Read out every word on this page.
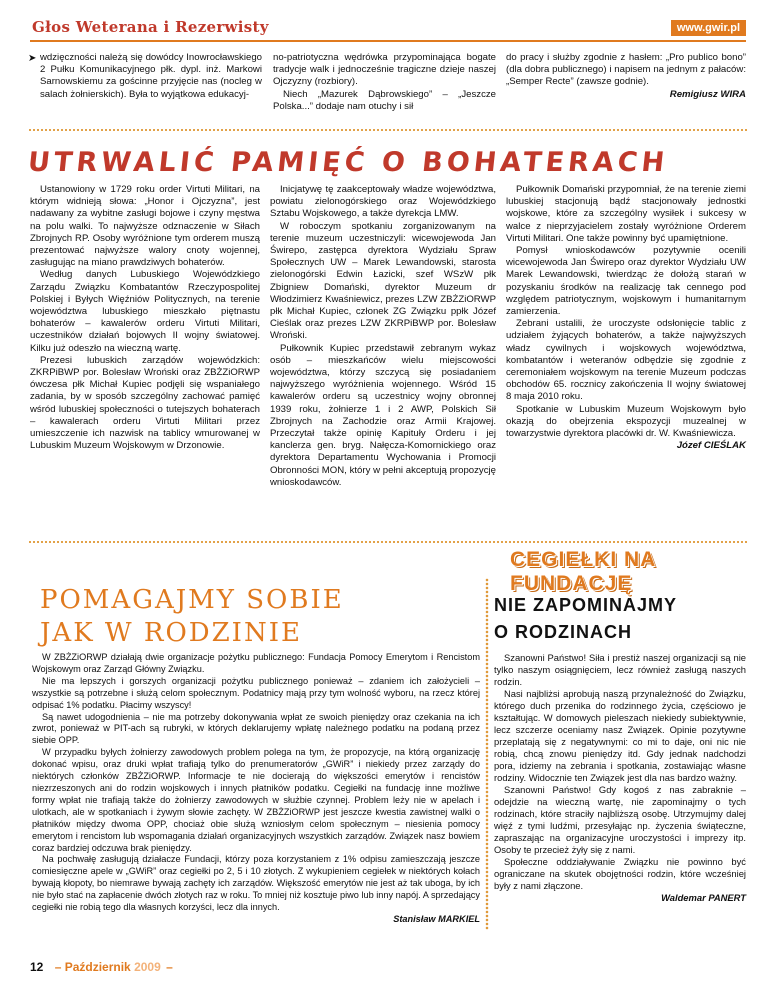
Głos Weterana i Rezerwisty	www.gwir.pl
➤ wdzięczności należą się dowódcy Inowrocławskiego 2 Pułku Komunikacyjnego płk. dypl. inż. Markowi Sarnowskiemu za gościnne przyjęcie nas (nocleg w salach żołnierskich). Była to wyjątkowa edukacyj-

no-patriotyczna wędrówka przypominająca bogate tradycje walk i jednocześnie tragiczne dzieje naszej Ojczyzny (rozbiory).

Niech „Mazurek Dąbrowskiego” – „Jeszcze Polska...” dodaje nam otuchy i sił

do pracy i służby zgodnie z hasłem: „Pro publico bono” (dla dobra publicznego) i napisem na jednym z pałaców: „Semper Recte” (zawsze godnie).

Remigiusz WIRA

UTRWALIĆ PAMIĘĆ O BOHATERACH

Ustanowiony w 1729 roku order Virtuti Militari, na którym widnieją słowa: „Honor i Ojczyzna”, jest nadawany za wybitne zasługi bojowe i czyny męstwa na polu walki. To najwyższe odznaczenie w Siłach Zbrojnych RP. Osoby wyróżnione tym orderem muszą prezentować najwyższe walory cnoty wojennej, zasługując na miano prawdziwych bohaterów.

Według danych Lubuskiego Wojewódzkiego Zarządu Związku Kombatantów Rzeczypospolitej Polskiej i Byłych Więźniów Politycznych, na terenie województwa lubuskiego mieszkało piętnastu bohaterów – kawalerów orderu Virtuti Militari, uczestników działań bojowych II wojny światowej. Kilku już odeszło na wieczną wartę.

Prezesi lubuskich zarządów wojewódzkich: ZKRPiBWP por. Bolesław Wroński oraz ZBŻZiORWP ówczesa płk Michał Kupiec podjęli się wspaniałego zadania, by w sposób szczególny zachować pamięć wśród lubuskiej społeczności o tutejszych bohaterach – kawalerach orderu Virtuti Militari przez umieszczenie ich nazwisk na tablicy wmurowanej w Lubuskim Muzeum Wojskowym w Drzonowie.

Inicjatywę tę zaakceptowały władze województwa, powiatu zielonogórskiego oraz Wojewódzkiego Sztabu Wojskowego, a także dyrekcja LMW.

W roboczym spotkaniu zorganizowanym na terenie muzeum uczestniczyli: wicewojewoda Jan Świrepo, zastępca dyrektora Wydziału Spraw Społecznych UW – Marek Lewandowski, starosta zielonogórski Edwin Łazicki, szef WSzW płk Zbigniew Domański, dyrektor Muzeum dr Włodzimierz Kwaśniewicz, prezes LZW ZBŻZiORWP płk Michał Kupiec, członek ZG Związku ppłk Józef Cieślak oraz prezes LZW ZKRPiBWP por. Bolesław Wroński.

Pułkownik Kupiec przedstawił zebranym wykaz osób – mieszkańców wielu miejscowości województwa, którzy szczycą się posiadaniem najwyższego wyróżnienia wojennego. Wśród 15 kawalerów orderu są uczestnicy wojny obronnej 1939 roku, żołnierze 1 i 2 AWP, Polskich Sił Zbrojnych na Zachodzie oraz Armii Krajowej. Przeczytał także opinię Kapituły Orderu i jej kanclerza gen. bryg. Nałęcza-Komornickiego oraz dyrektora Departamentu Wychowania i Promocji Obronności MON, który w pełni akceptują propozycję wnioskodawców.

Pułkownik Domański przypomniał, że na terenie ziemi lubuskiej stacjonują bądź stacjonowały jednostki wojskowe, które za szczególny wysiłek i sukcesy w walce z nieprzyjacielem zostały wyróżnione Orderem Virtuti Militari. One także powinny być upamiętnione.

Pomysł wnioskodawców pozytywnie ocenili wicewojewoda Jan Świrepo oraz dyrektor Wydziału UW Marek Lewandowski, twierdząc że dołożą starań w pozyskaniu środków na realizację tak cennego pod względem patriotycznym, wojskowym i humanitarnym zamierzenia.

Zebrani ustalili, że uroczyste odsłonięcie tablic z udziałem żyjących bohaterów, a także najwyższych władz cywilnych i wojskowych województwa, kombatantów i weteranów odbędzie się zgodnie z ceremoniałem wojskowym na terenie Muzeum podczas obchodów 65. rocznicy zakończenia II wojny światowej 8 maja 2010 roku.

Spotkanie w Lubuskim Muzeum Wojskowym było okazją do obejrzenia ekspozycji muzealnej w towarzystwie dyrektora placówki dr. W. Kwaśniewicza.

Józef CIEŚLAK

CEGIEŁKI NA FUNDACJĘ
POMAGAJMY SOBIE
JAK W RODZINIE

W ZBŻZiORWP działają dwie organizacje pożytku publicznego: Fundacja Pomocy Emerytom i Rencistom Wojskowym oraz Zarząd Główny Związku.

Nie ma lepszych i gorszych organizacji pożytku publicznego ponieważ – zdaniem ich założycieli – wszystkie są potrzebne i służą celom społecznym. Podatnicy mają przy tym wolność wyboru, na rzecz której odpisać 1% podatku. Płacimy wszyscy!

Są nawet udogodnienia – nie ma potrzeby dokonywania wpłat ze swoich pieniędzy oraz czekania na ich zwrot, ponieważ w PIT-ach są rubryki, w których deklarujemy wpłatę należnego podatku na podaną przez siebie OPP.

W przypadku byłych żołnierzy zawodowych problem polega na tym, że propozycje, na którą organizację dokonać wpisu, oraz druki wpłat trafiają tylko do prenumeratorów „GWiR” i niekiedy przez zarządy do niektórych członków ZBŻZiORWP. Informacje te nie docierają do większości emerytów i rencistów niezrzeszonych ani do rodzin wojskowych i innych płatników podatku. Cegiełki na fundację inne możliwe formy wpłat nie trafiają także do żołnierzy zawodowych w służbie czynnej. Problem leży nie w apelach i ulotkach, ale w spotkaniach i żywym słowie zachęty. W ZBŻZiORWP jest jeszcze kwestia zawistnej walki o płatników między dwoma OPP, chociaż obie służą wzniosłym celom społecznym – niesienia pomocy emerytom i rencistom lub wspomagania działań organizacyjnych wszystkich zarządów. Związek nasz bowiem coraz bardziej odczuwa brak pieniędzy.

Na pochwałę zasługują działacze Fundacji, którzy poza korzystaniem z 1% odpisu zamieszczają jeszcze comiesięczne apele w „GWiR” oraz cegiełki po 2, 5 i 10 złotych. Z wykupieniem cegiełek w niektórych kołach bywają kłopoty, bo niemrawe bywają zachęty ich zarządów. Większość emerytów nie jest aż tak uboga, by ich nie było stać na zapłacenie dwóch złotych raz w roku. To mniej niż kosztuje piwo lub inny napój. A sprzedający cegiełki nie robią tego dla własnych korzyści, lecz dla innych.

Stanisław MARKIEL

NIE ZAPOMINAJMY
O RODZINACH

Szanowni Państwo! Siła i prestiż naszej organizacji są nie tylko naszym osiągnięciem, lecz również zasługą naszych rodzin.

Nasi najbliżsi aprobują naszą przynależność do Związku, którego duch przenika do rodzinnego życia, częściowo je kształtując. W domowych pieleszach niekiedy subiektywnie, lecz szczerze oceniamy nasz Związek. Opinie pozytywne przeplatają się z negatywnymi: co mi to daje, oni nic nie robią, chcą znowu pieniędzy itd. Gdy jednak nadchodzi pora, idziemy na zebrania i spotkania, zostawiając własne rodziny. Widocznie ten Związek jest dla nas bardzo ważny.

Szanowni Państwo! Gdy kogoś z nas zabraknie – odejdzie na wieczną wartę, nie zapominajmy o tych rodzinach, które straciły najbliższą osobę. Utrzymujmy dalej więź z tymi ludźmi, przesyłając np. życzenia świąteczne, zapraszając na organizacyjne uroczystości i imprezy itp. Osoby te przecież żyły się z nami.

Społeczne oddziaływanie Związku nie powinno być ograniczane na skutek obojętności rodzin, które wcześniej były z nami złączone.

Waldemar PANERT

12 – Październik 2009 –
